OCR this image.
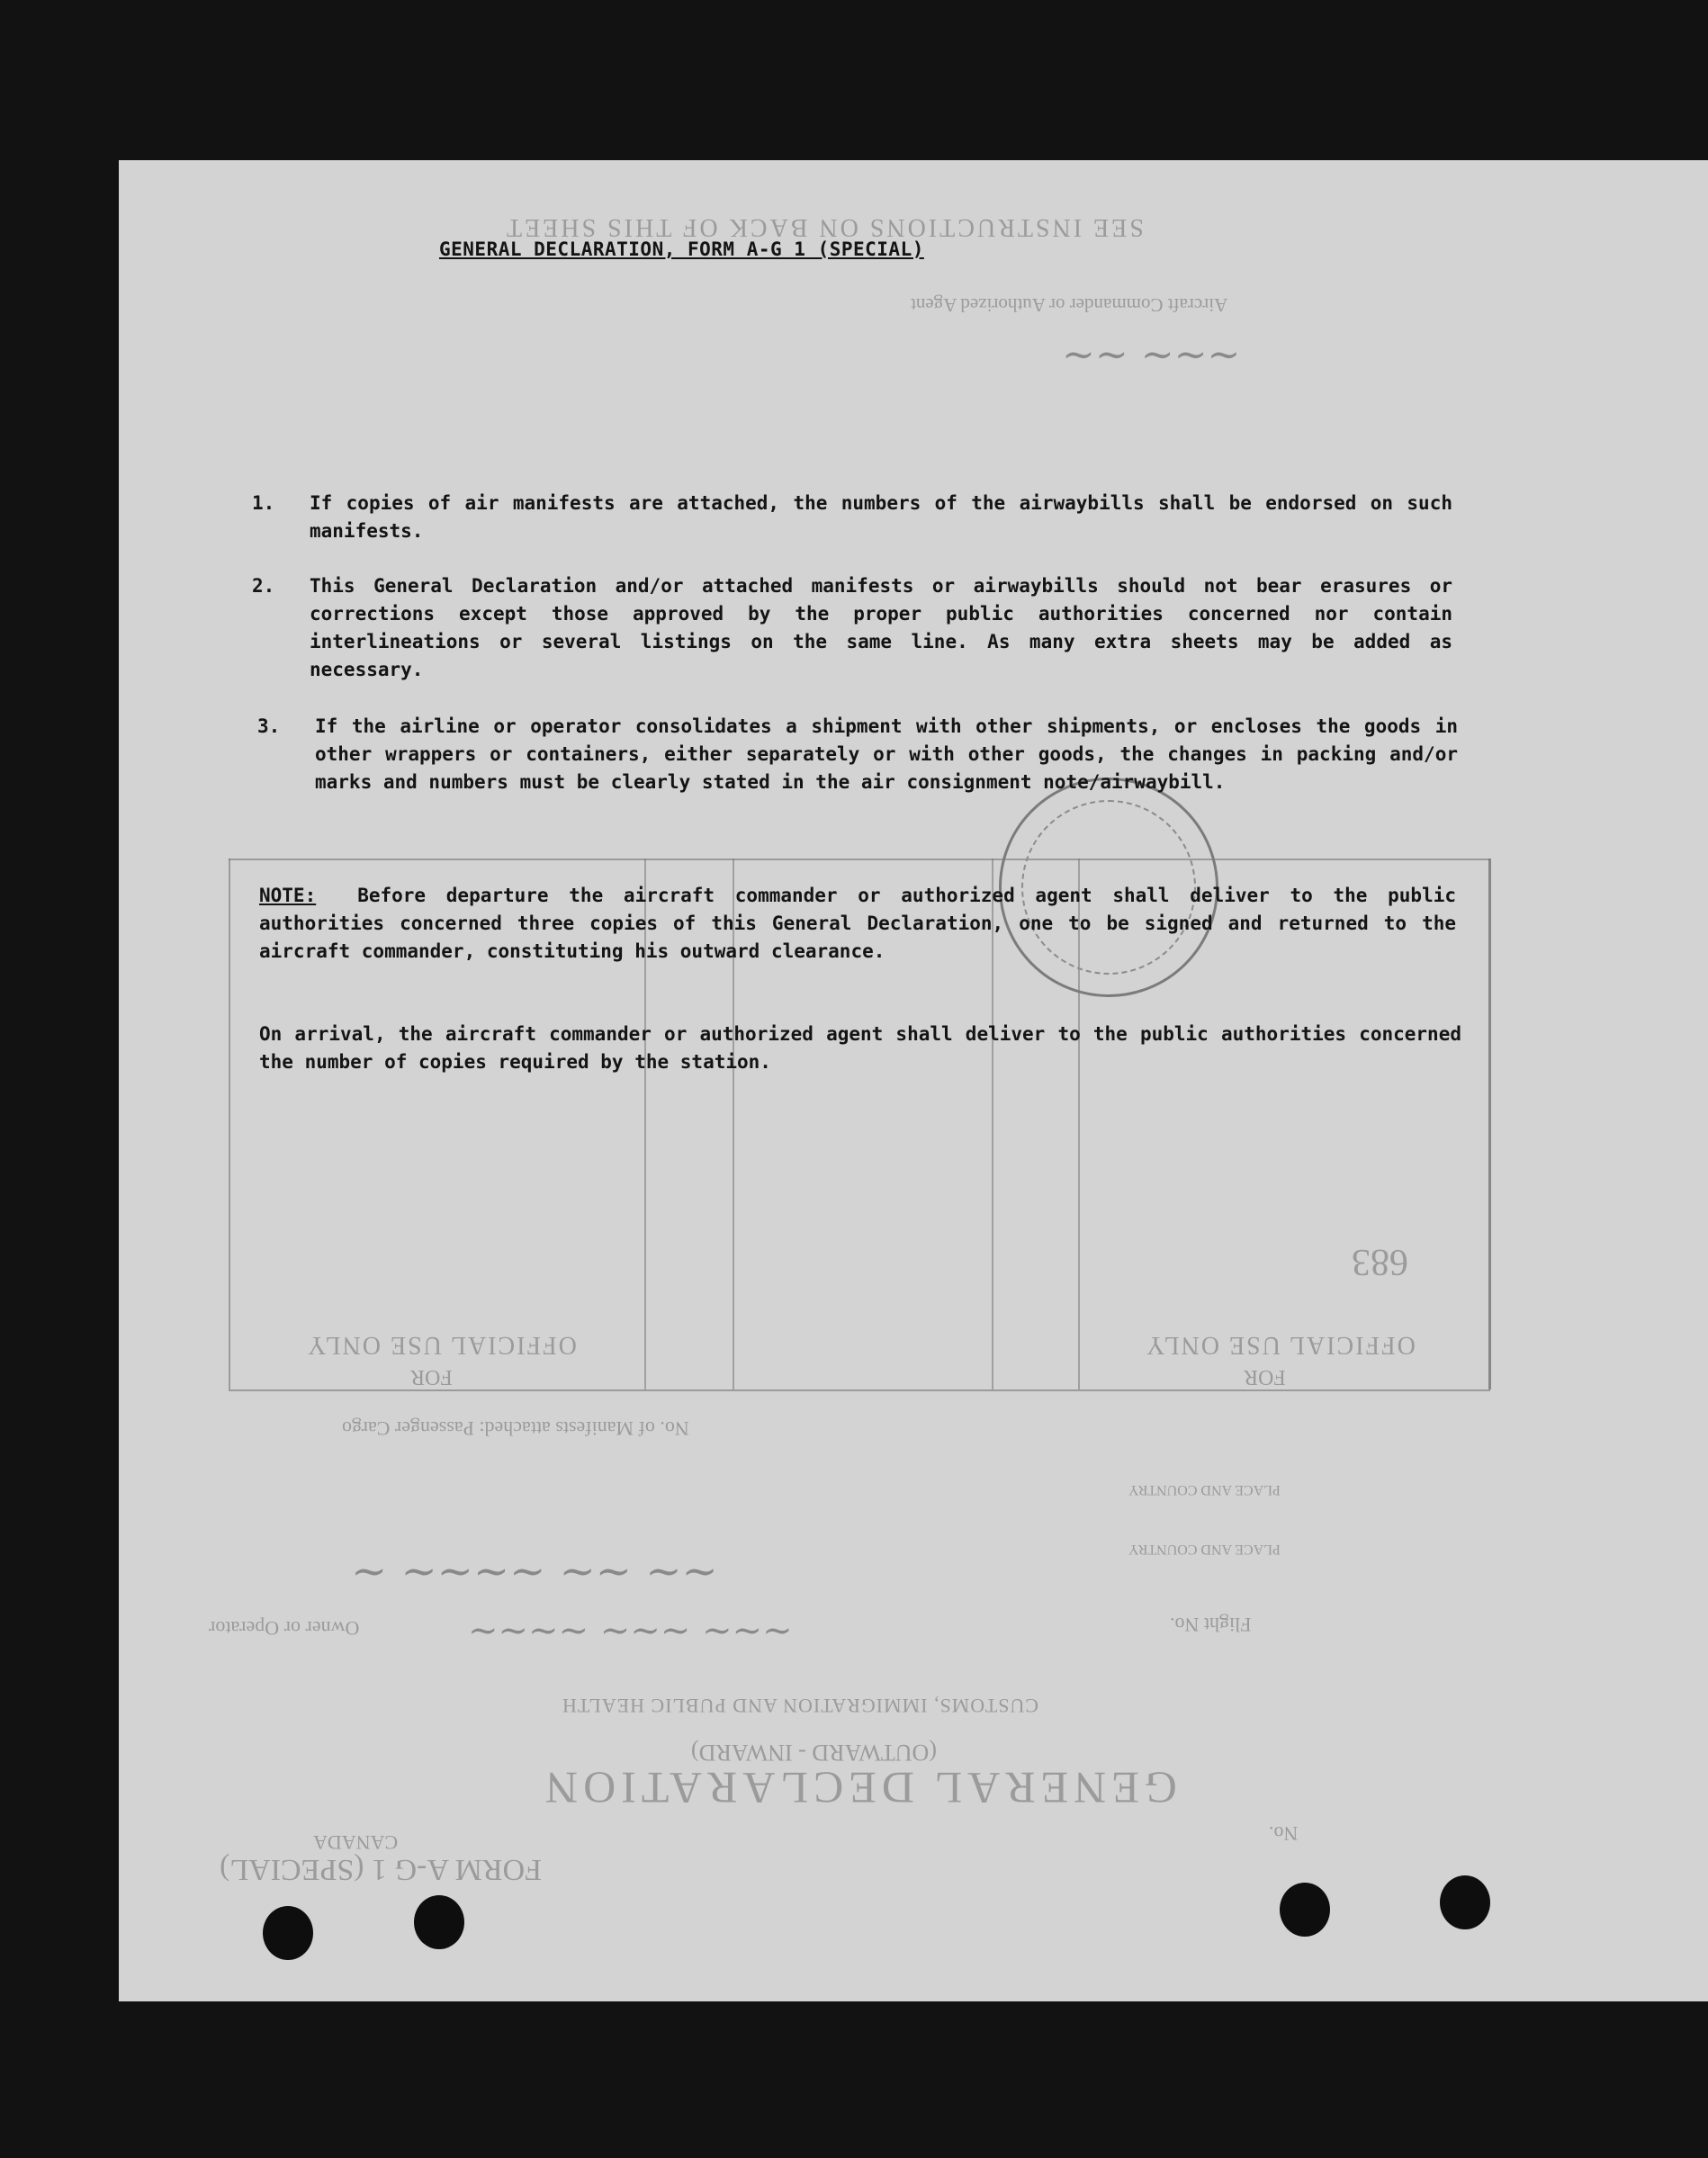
SEE INSTRUCTIONS ON BACK OF THIS SHEET
Aircraft Commander or Authorized Agent
OFFICIAL USE ONLY
FOR
OFFICIAL USE ONLY
FOR
683
No. of Manifests attached: Passenger Cargo
PLACE AND COUNTRY
PLACE AND COUNTRY
Owner or Operator	Flight No.
CUSTOMS, IMMIGRATION AND PUBLIC HEALTH
(OUTWARD - INWARD)
GENERAL DECLARATION
CANADA
FORM A-G 1 (SPECIAL)
No.
~~~ ~~
~~ ~~ ~~~~ ~
~~~ ~~~ ~~~~
GENERAL DECLARATION, FORM A-G 1 (SPECIAL)
1. If copies of air manifests are attached, the numbers of the airwaybills shall be endorsed on such manifests.
2. This General Declaration and/or attached manifests or airwaybills should not bear erasures or corrections except those approved by the proper public authorities concerned nor contain interlineations or several listings on the same line. As many extra sheets may be added as necessary.
3. If the airline or operator consolidates a shipment with other shipments, or encloses the goods in other wrappers or containers, either separately or with other goods, the changes in packing and/or marks and numbers must be clearly stated in the air consignment note/airwaybill.
NOTE: Before departure the aircraft commander or authorized agent shall deliver to the public authorities concerned three copies of this General Declaration, one to be signed and returned to the aircraft commander, constituting his outward clearance.
On arrival, the aircraft commander or authorized agent shall deliver to the public authorities concerned the number of copies required by the station.
